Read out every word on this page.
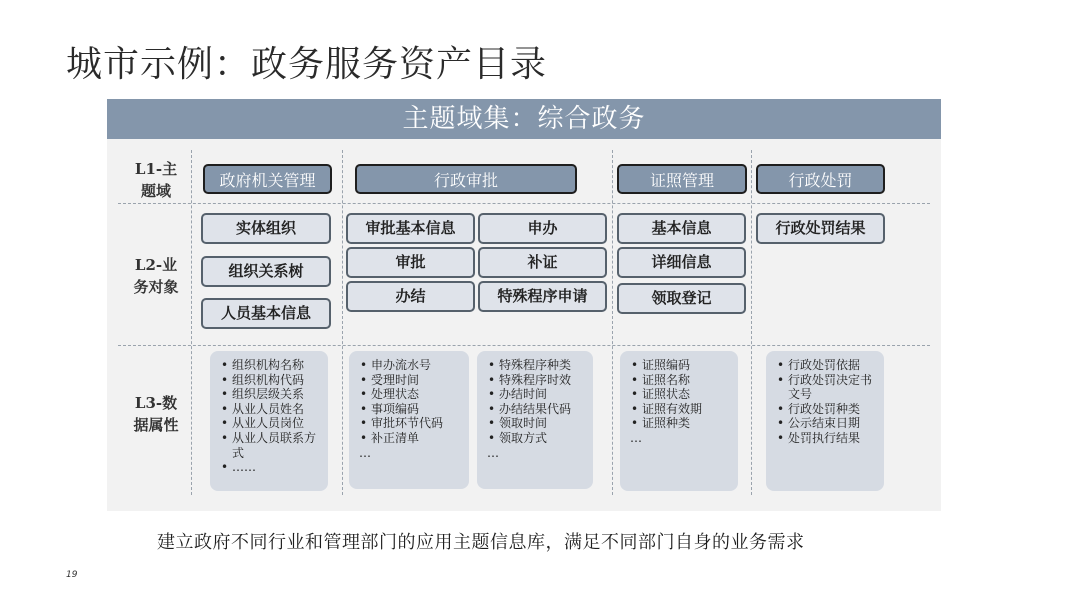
城市示例：政务服务资产目录
主题域集：综合政务
L1-主
题域
L2-业
务对象
L3-数
据属性
政府机关管理	行政审批	证照管理	行政处罚
实体组织
组织关系树
人员基本信息
审批基本信息	申办
审批	补证
办结	特殊程序申请
基本信息
详细信息
领取登记
行政处罚结果
• 组织机构名称
• 组织机构代码
• 组织层级关系
• 从业人员姓名
• 从业人员岗位
• 从业人员联系方式
• ……
• 申办流水号
• 受理时间
• 处理状态
• 事项编码
• 审批环节代码
• 补正清单
…
• 特殊程序种类
• 特殊程序时效
• 办结时间
• 办结结果代码
• 领取时间
• 领取方式
…
• 证照编码
• 证照名称
• 证照状态
• 证照有效期
• 证照种类
…
• 行政处罚依据
• 行政处罚决定书文号
• 行政处罚种类
• 公示结束日期
• 处罚执行结果
建立政府不同行业和管理部门的应用主题信息库，满足不同部门自身的业务需求
19
